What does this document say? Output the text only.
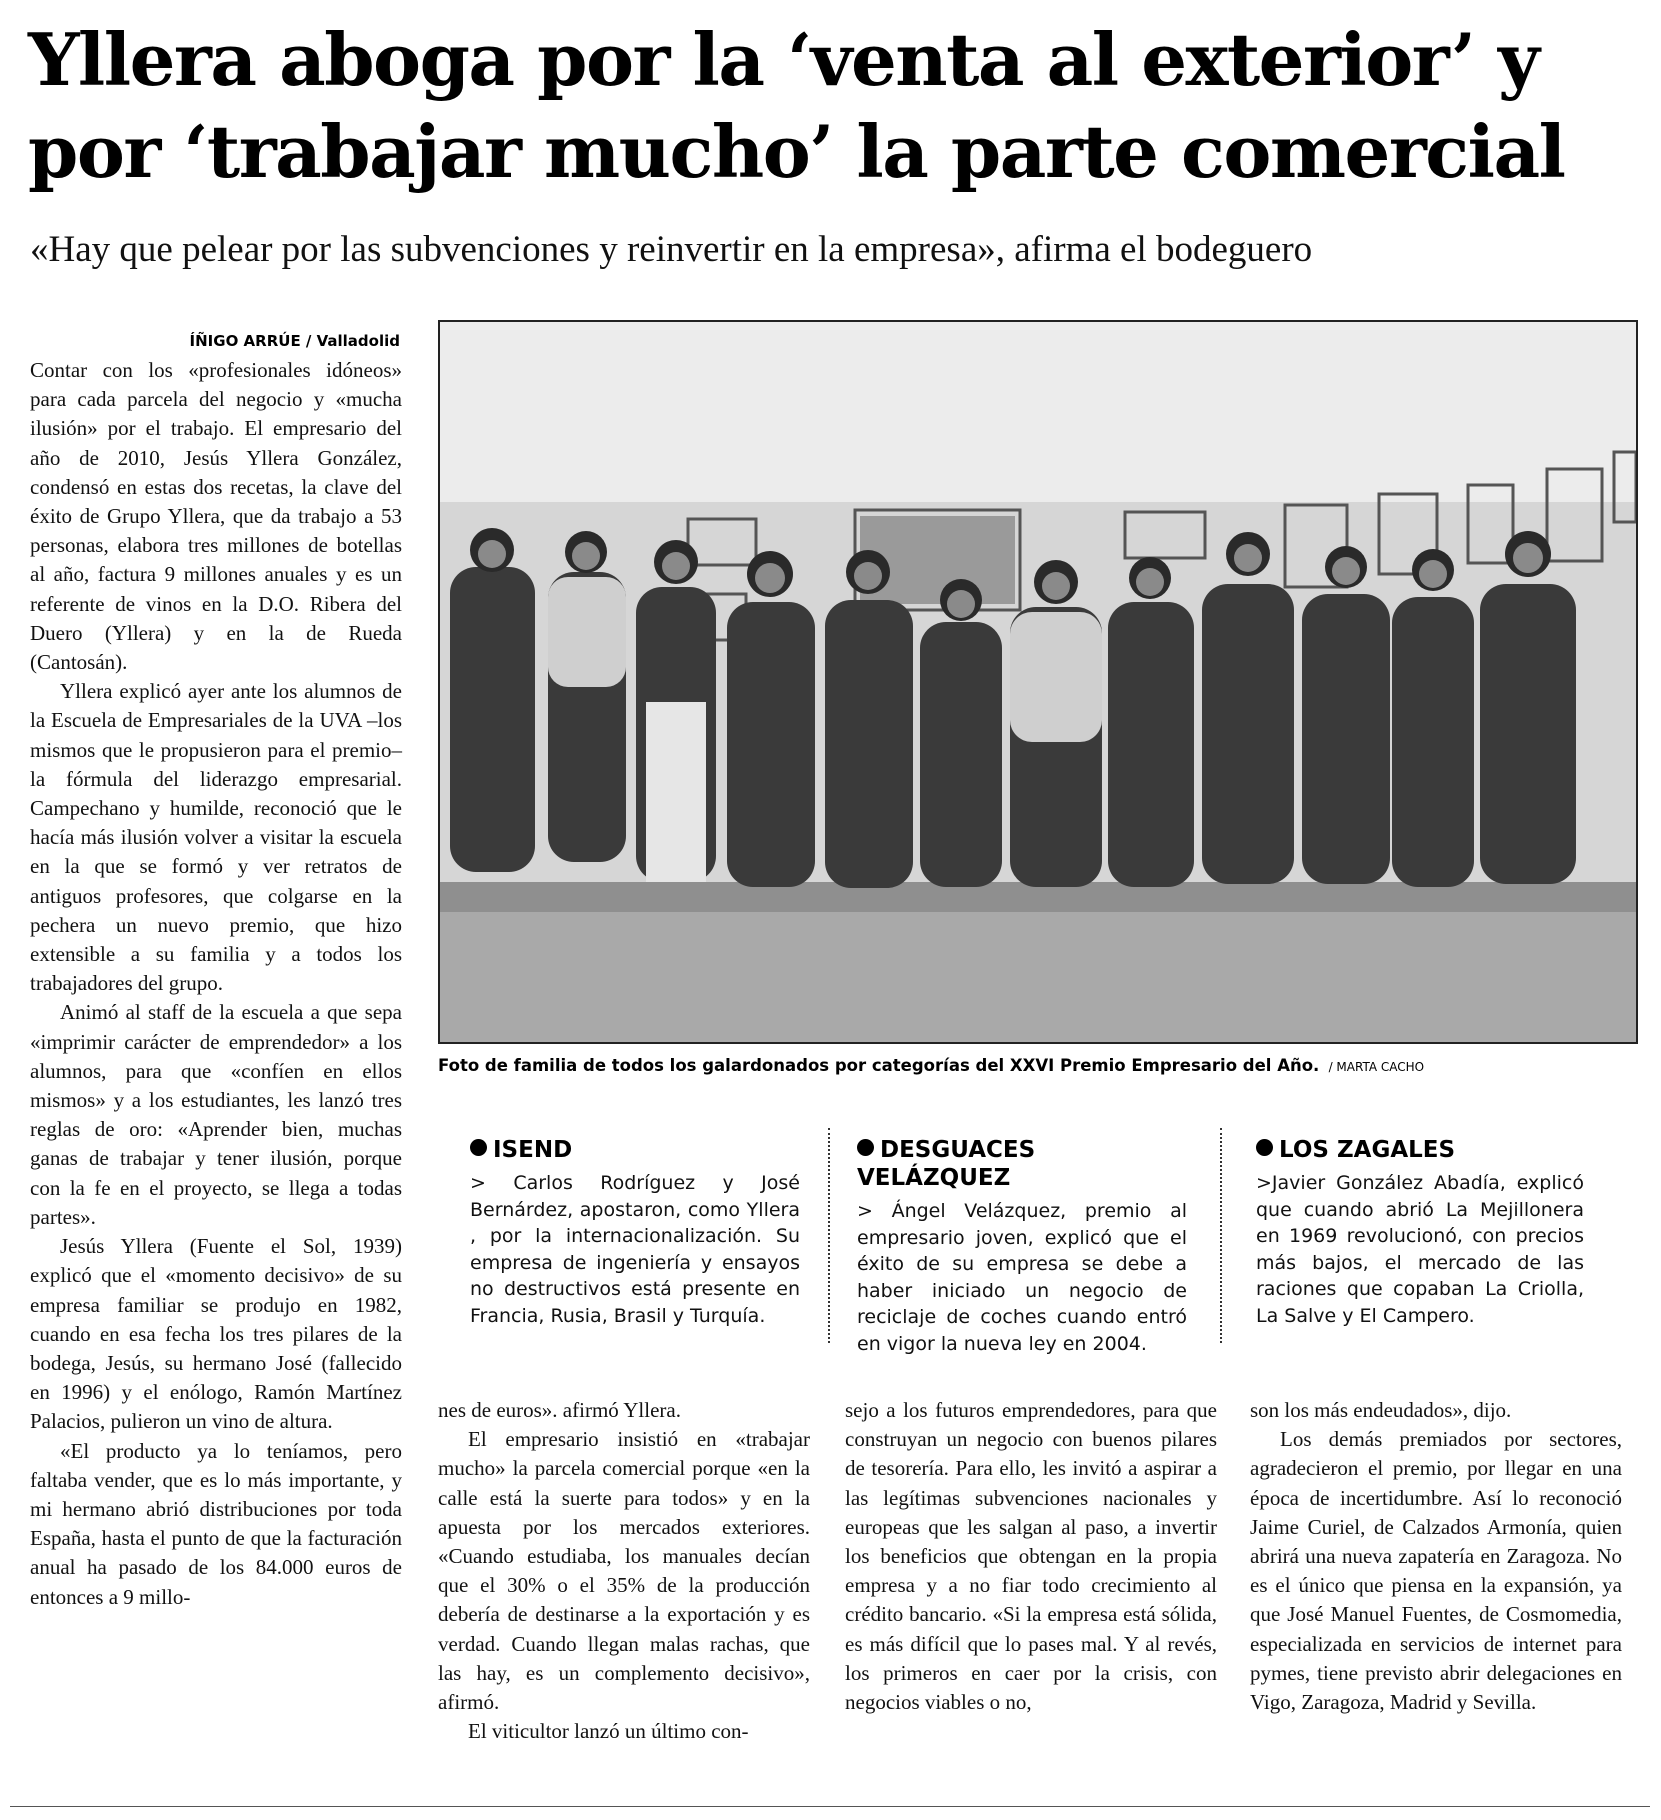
Yllera aboga por la ‘venta al exterior’ y
por ‘trabajar mucho’ la parte comercial
«Hay que pelear por las subvenciones y reinvertir en la empresa», afirma el bodeguero
ÍÑIGO ARRÚE / Valladolid

Contar con los «profesionales idóneos» para cada parcela del negocio y «mucha ilusión» por el trabajo. El empresario del año de 2010, Jesús Yllera González, condensó en estas dos recetas, la clave del éxito de Grupo Yllera, que da trabajo a 53 personas, elabora tres millones de botellas al año, factura 9 millones anuales y es un referente de vinos en la D.O. Ribera del Duero (Yllera) y en la de Rueda (Cantosán).

Yllera explicó ayer ante los alumnos de la Escuela de Empresariales de la UVA –los mismos que le propusieron para el premio– la fórmula del liderazgo empresarial. Campechano y humilde, reconoció que le hacía más ilusión volver a visitar la escuela en la que se formó y ver retratos de antiguos profesores, que colgarse en la pechera un nuevo premio, que hizo extensible a su familia y a todos los trabajadores del grupo.

Animó al staff de la escuela a que sepa «imprimir carácter de emprendedor» a los alumnos, para que «confíen en ellos mismos» y a los estudiantes, les lanzó tres reglas de oro: «Aprender bien, muchas ganas de trabajar y tener ilusión, porque con la fe en el proyecto, se llega a todas partes».

Jesús Yllera (Fuente el Sol, 1939) explicó que el «momento decisivo» de su empresa familiar se produjo en 1982, cuando en esa fecha los tres pilares de la bodega, Jesús, su hermano José (fallecido en 1996) y el enólogo, Ramón Martínez Palacios, pulieron un vino de altura.

«El producto ya lo teníamos, pero faltaba vender, que es lo más importante, y mi hermano abrió distribuciones por toda España, hasta el punto de que la facturación anual ha pasado de los 84.000 euros de entonces a 9 millo-

Foto de familia de todos los galardonados por categorías del XXVI Premio Empresario del Año. / MARTA CACHO
ISEND

> Carlos Rodríguez y José Bernárdez, apostaron, como Yllera , por la internacionalización. Su empresa de ingeniería y ensayos no destructivos está presente en Francia, Rusia, Brasil y Turquía.

DESGUACES VELÁZQUEZ

> Ángel Velázquez, premio al empresario joven, explicó que el éxito de su empresa se debe a haber iniciado un negocio de reciclaje de coches cuando entró en vigor la nueva ley en 2004.

LOS ZAGALES

>Javier González Abadía, explicó que cuando abrió La Mejillonera en 1969 revolucionó, con precios más bajos, el mercado de las raciones que copaban La Criolla, La Salve y El Campero.

nes de euros». afirmó Yllera.

El empresario insistió en «trabajar mucho» la parcela comercial porque «en la calle está la suerte para todos» y en la apuesta por los mercados exteriores. «Cuando estudiaba, los manuales decían que el 30% o el 35% de la producción debería de destinarse a la exportación y es verdad. Cuando llegan malas rachas, que las hay, es un complemento decisivo», afirmó.

El viticultor lanzó un último con-

sejo a los futuros emprendedores, para que construyan un negocio con buenos pilares de tesorería. Para ello, les invitó a aspirar a las legítimas subvenciones nacionales y europeas que les salgan al paso, a invertir los beneficios que obtengan en la propia empresa y a no fiar todo crecimiento al crédito bancario. «Si la empresa está sólida, es más difícil que lo pases mal. Y al revés, los primeros en caer por la crisis, con negocios viables o no,

son los más endeudados», dijo.

Los demás premiados por sectores, agradecieron el premio, por llegar en una época de incertidumbre. Así lo reconoció Jaime Curiel, de Calzados Armonía, quien abrirá una nueva zapatería en Zaragoza. No es el único que piensa en la expansión, ya que José Manuel Fuentes, de Cosmomedia, especializada en servicios de internet para pymes, tiene previsto abrir delegaciones en Vigo, Zaragoza, Madrid y Sevilla.
